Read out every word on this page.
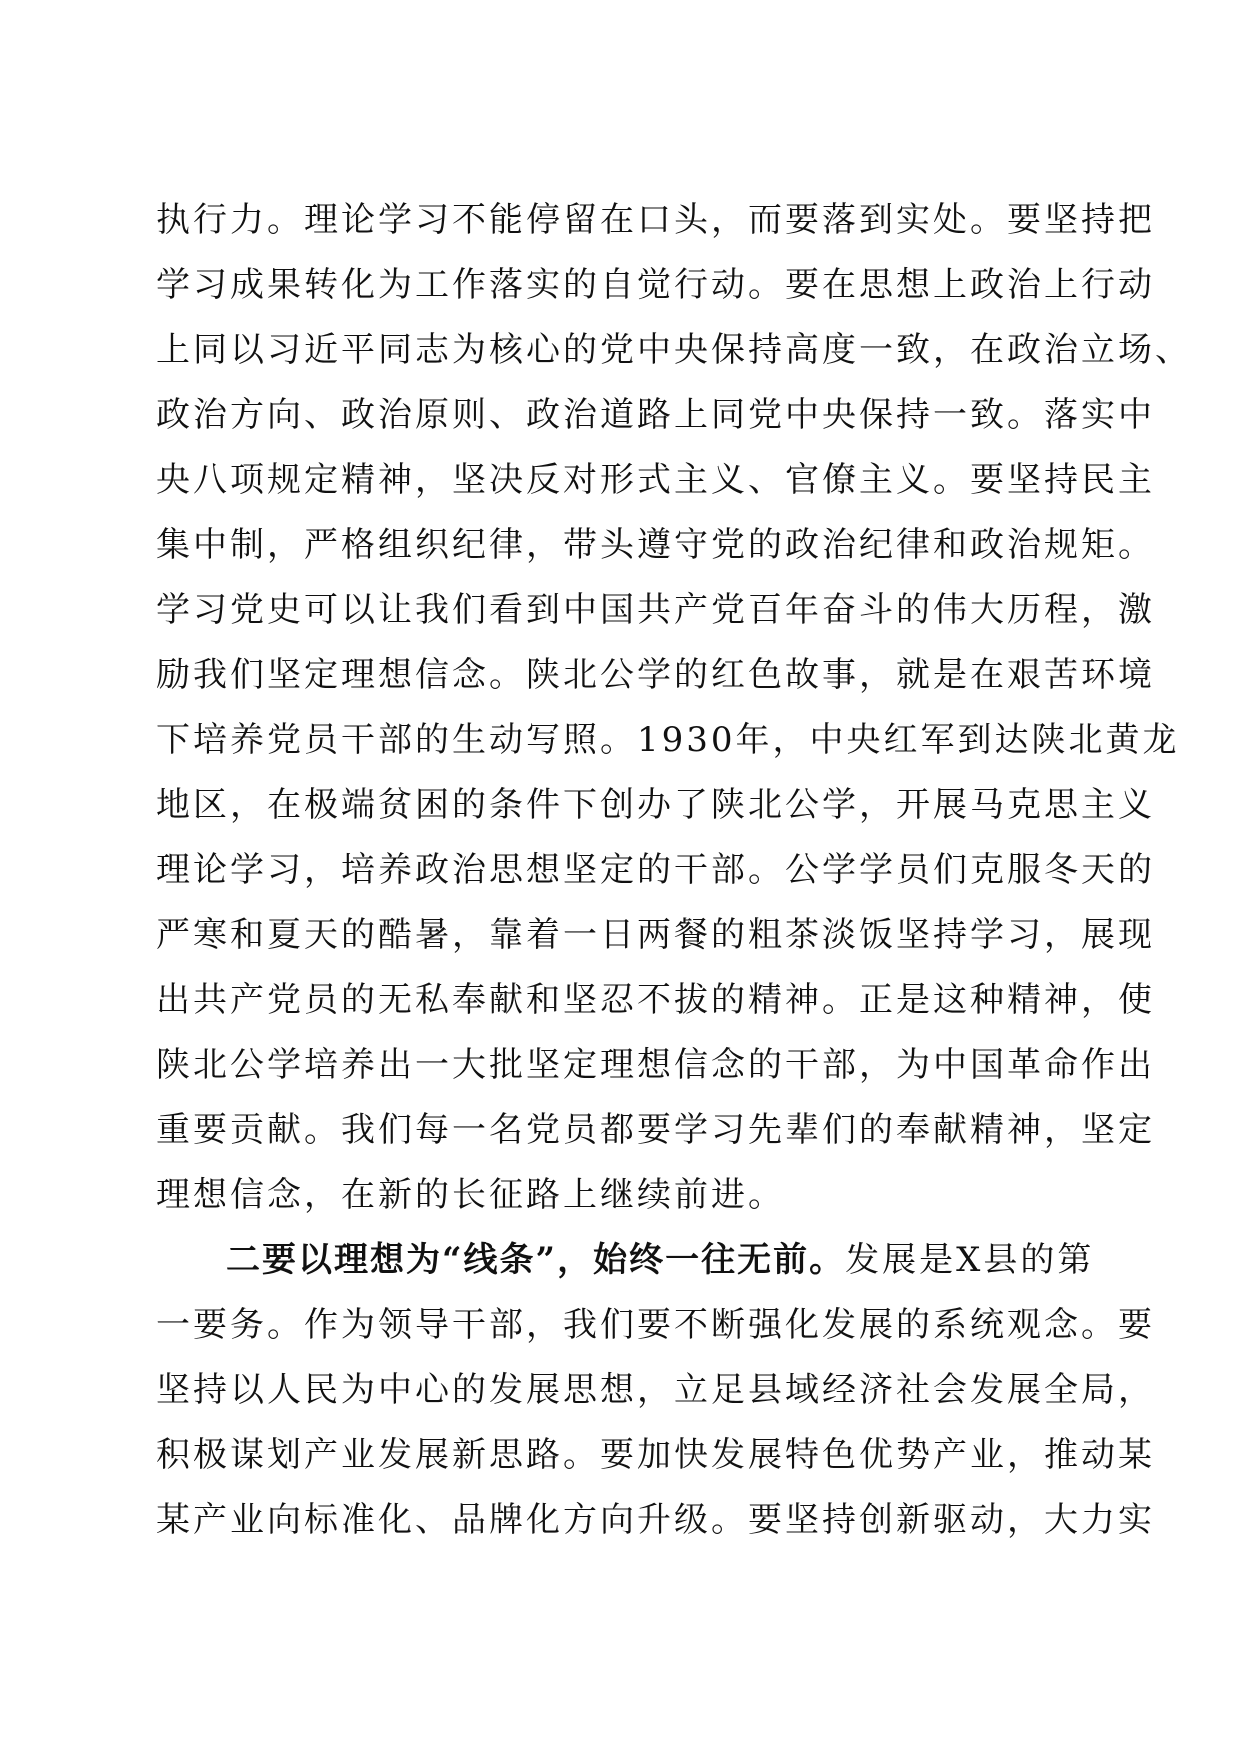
执行力。理论学习不能停留在口头，而要落到实处。要坚持把
学习成果转化为工作落实的自觉行动。要在思想上政治上行动
上同以习近平同志为核心的党中央保持高度一致，在政治立场、
政治方向、政治原则、政治道路上同党中央保持一致。落实中
央八项规定精神，坚决反对形式主义、官僚主义。要坚持民主
集中制，严格组织纪律，带头遵守党的政治纪律和政治规矩。
学习党史可以让我们看到中国共产党百年奋斗的伟大历程，激
励我们坚定理想信念。陕北公学的红色故事，就是在艰苦环境
下培养党员干部的生动写照。1930年，中央红军到达陕北黄龙
地区，在极端贫困的条件下创办了陕北公学，开展马克思主义
理论学习，培养政治思想坚定的干部。公学学员们克服冬天的
严寒和夏天的酷暑，靠着一日两餐的粗茶淡饭坚持学习，展现
出共产党员的无私奉献和坚忍不拔的精神。正是这种精神，使
陕北公学培养出一大批坚定理想信念的干部，为中国革命作出
重要贡献。我们每一名党员都要学习先辈们的奉献精神，坚定
理想信念，在新的长征路上继续前进。
二要以理想为“线条”，始终一往无前。发展是X县的第
一要务。作为领导干部，我们要不断强化发展的系统观念。要
坚持以人民为中心的发展思想，立足县域经济社会发展全局，
积极谋划产业发展新思路。要加快发展特色优势产业，推动某
某产业向标准化、品牌化方向升级。要坚持创新驱动，大力实
